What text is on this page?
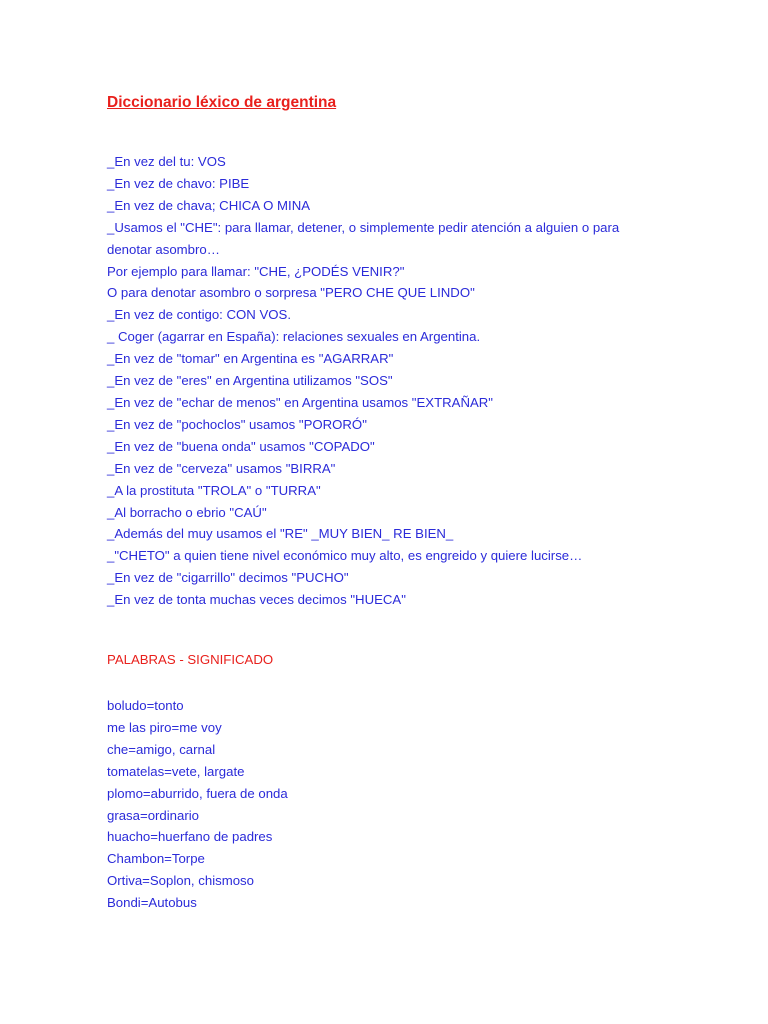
Diccionario léxico de argentina
_En vez del tu: VOS
_En vez de chavo: PIBE
_En vez de chava; CHICA O MINA
_Usamos el "CHE": para llamar, detener, o simplemente pedir atención a alguien o para
denotar asombro…
Por ejemplo para llamar: "CHE, ¿PODÉS VENIR?"
O para denotar asombro o sorpresa "PERO CHE QUE LINDO"
_En vez de contigo: CON VOS.
_ Coger (agarrar en España): relaciones sexuales en Argentina.
_En vez de "tomar" en Argentina es "AGARRAR"
_En vez de "eres" en Argentina utilizamos "SOS"
_En vez de "echar de menos" en Argentina usamos "EXTRAÑAR"
_En vez de "pochoclos" usamos "PORORÓ"
_En vez de "buena onda" usamos "COPADO"
_En vez de "cerveza" usamos "BIRRA"
_A la prostituta "TROLA" o "TURRA"
_Al borracho o ebrio "CAÚ"
_Además del muy usamos el "RE" _MUY BIEN_ RE BIEN_
_"CHETO" a quien tiene nivel económico muy alto, es engreido y quiere lucirse…
_En vez de "cigarrillo" decimos "PUCHO"
_En vez de tonta muchas veces decimos "HUECA"
PALABRAS - SIGNIFICADO
boludo=tonto
me las piro=me voy
che=amigo, carnal
tomatelas=vete, largate
plomo=aburrido, fuera de onda
grasa=ordinario
huacho=huerfano de padres
Chambon=Torpe
Ortiva=Soplon, chismoso
Bondi=Autobus
